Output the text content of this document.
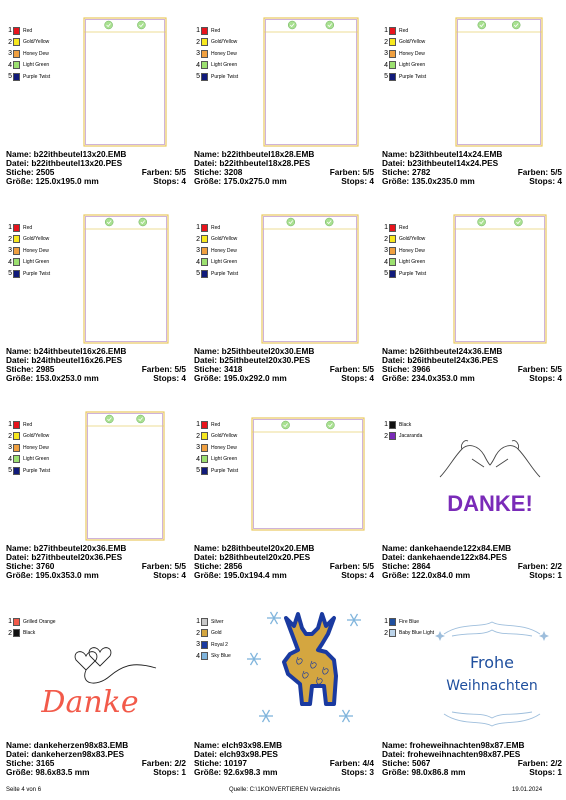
1 Red
2 Gold/Yellow
3 Honey Dew
4 Light Green
5 Purple Twist
Name: b22ithbeutel13x20.EMB
Datei: b22ithbeutel13x20.PES
Stiche: 2505	Farben: 5/5
Größe: 125.0x195.0 mm	Stops: 4
1 Red
2 Gold/Yellow
3 Honey Dew
4 Light Green
5 Purple Twist
Name: b22ithbeutel18x28.EMB
Datei: b22ithbeutel18x28.PES
Stiche: 3208	Farben: 5/5
Größe: 175.0x275.0 mm	Stops: 4
1 Red
2 Gold/Yellow
3 Honey Dew
4 Light Green
5 Purple Twist
Name: b23ithbeutel14x24.EMB
Datei: b23ithbeutel14x24.PES
Stiche: 2782	Farben: 5/5
Größe: 135.0x235.0 mm	Stops: 4
1 Red
2 Gold/Yellow
3 Honey Dew
4 Light Green
5 Purple Twist
Name: b24ithbeutel16x26.EMB
Datei: b24ithbeutel16x26.PES
Stiche: 2985	Farben: 5/5
Größe: 153.0x253.0 mm	Stops: 4
1 Red
2 Gold/Yellow
3 Honey Dew
4 Light Green
5 Purple Twist
Name: b25ithbeutel20x30.EMB
Datei: b25ithbeutel20x30.PES
Stiche: 3418	Farben: 5/5
Größe: 195.0x292.0 mm	Stops: 4
1 Red
2 Gold/Yellow
3 Honey Dew
4 Light Green
5 Purple Twist
Name: b26ithbeutel24x36.EMB
Datei: b26ithbeutel24x36.PES
Stiche: 3966	Farben: 5/5
Größe: 234.0x353.0 mm	Stops: 4
1 Red
2 Gold/Yellow
3 Honey Dew
4 Light Green
5 Purple Twist
Name: b27ithbeutel20x36.EMB
Datei: b27ithbeutel20x36.PES
Stiche: 3760	Farben: 5/5
Größe: 195.0x353.0 mm	Stops: 4
1 Red
2 Gold/Yellow
3 Honey Dew
4 Light Green
5 Purple Twist
Name: b28ithbeutel20x20.EMB
Datei: b28ithbeutel20x20.PES
Stiche: 2856	Farben: 5/5
Größe: 195.0x194.4 mm	Stops: 4
1 Black
2 Jacaranda
DANKE!
Name: dankehaende122x84.EMB
Datei: dankehaende122x84.PES
Stiche: 2864	Farben: 2/2
Größe: 122.0x84.0 mm	Stops: 1
1 Grilled Orange
2 Black
Danke
Name: dankeherzen98x83.EMB
Datei: dankeherzen98x83.PES
Stiche: 3165	Farben: 2/2
Größe: 98.6x83.5 mm	Stops: 1
1 Silver
2 Gold
3 Royal 2
4 Sky Blue
Name: elch93x98.EMB
Datei: elch93x98.PES
Stiche: 10197	Farben: 4/4
Größe: 92.6x98.3 mm	Stops: 3
1 Fire Blue
2 Baby Blue Light
Frohe
Weihnachten
Name: froheweihnachten98x87.EMB
Datei: froheweihnachten98x87.PES
Stiche: 5067	Farben: 2/2
Größe: 98.0x86.8 mm	Stops: 1
Seite 4 von 6	Quelle: C:\1KONVERTIEREN Verzeichnis	19.01.2024
